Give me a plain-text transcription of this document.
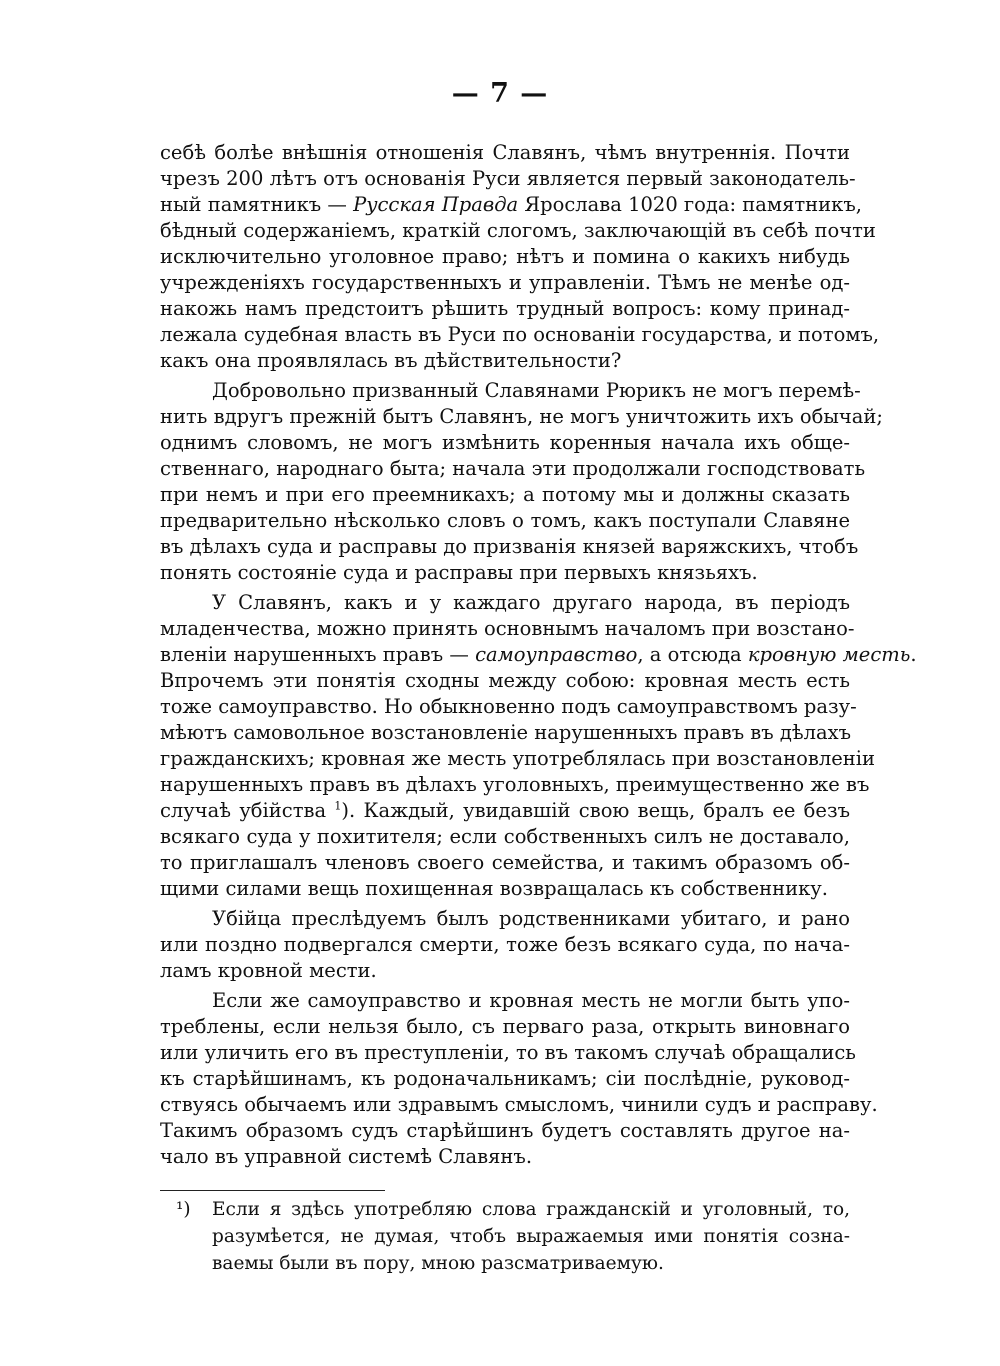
— 7 —
себѣ болѣе внѣшнія отношенія Славянъ, чѣмъ внутреннія. Почти
чрезъ 200 лѣтъ отъ основанія Руси является первый законодатель-
ный памятникъ — Русская Правда Ярослава 1020 года: памятникъ,
бѣдный содержаніемъ, краткій слогомъ, заключающій въ себѣ почти
исключительно уголовное право; нѣтъ и помина о какихъ нибудь
учрежденіяхъ государственныхъ и управленіи. Тѣмъ не менѣе од-
накожь намъ предстоитъ рѣшить трудный вопросъ: кому принад-
лежала судебная власть въ Руси по основаніи государства, и потомъ,
какъ она проявлялась въ дѣйствительности?
Добровольно призванный Славянами Рюрикъ не могъ перемѣ-
нить вдругъ прежній бытъ Славянъ, не могъ уничтожить ихъ обычай;
однимъ словомъ, не могъ измѣнить коренныя начала ихъ обще-
ственнаго, народнаго быта; начала эти продолжали господствовать
при немъ и при его преемникахъ; а потому мы и должны сказать
предварительно нѣсколько словъ о томъ, какъ поступали Славяне
въ дѣлахъ суда и расправы до призванія князей варяжскихъ, чтобъ
понять состояніе суда и расправы при первыхъ князьяхъ.
У Славянъ, какъ и у каждаго другаго народа, въ періодъ
младенчества, можно принять основнымъ началомъ при возстано-
вленіи нарушенныхъ правъ — самоуправство, а отсюда кровную месть.
Впрочемъ эти понятія сходны между собою: кровная месть есть
тоже самоуправство. Но обыкновенно подъ самоуправствомъ разу-
мѣютъ самовольное возстановленіе нарушенныхъ правъ въ дѣлахъ
гражданскихъ; кровная же месть употреблялась при возстановленіи
нарушенныхъ правъ въ дѣлахъ уголовныхъ, преимущественно же въ
случаѣ убійства $^1$). Каждый, увидавшій свою вещь, бралъ ее безъ
всякаго суда у похитителя; если собственныхъ силъ не доставало,
то приглашалъ членовъ своего семейства, и такимъ образомъ об-
щими силами вещь похищенная возвращалась къ собственнику.
Убійца преслѣдуемъ былъ родственниками убитаго, и рано
или поздно подвергался смерти, тоже безъ всякаго суда, по нача-
ламъ кровной мести.
Если же самоуправство и кровная месть не могли быть упо-
треблены, если нельзя было, съ перваго раза, открыть виновнаго
или уличить его въ преступленіи, то въ такомъ случаѣ обращались
къ старѣйшинамъ, къ родоначальникамъ; сіи послѣдніе, руковод-
ствуясь обычаемъ или здравымъ смысломъ, чинили судъ и расправу.
Такимъ образомъ судъ старѣйшинъ будетъ составлять другое на-
чало въ управной системѣ Славянъ.
¹)	Если я здѣсь употребляю слова гражданскій и уголовный, то,
разумѣется, не думая, чтобъ выражаемыя ими понятія созна-
ваемы были въ пору, мною разсматриваемую.
